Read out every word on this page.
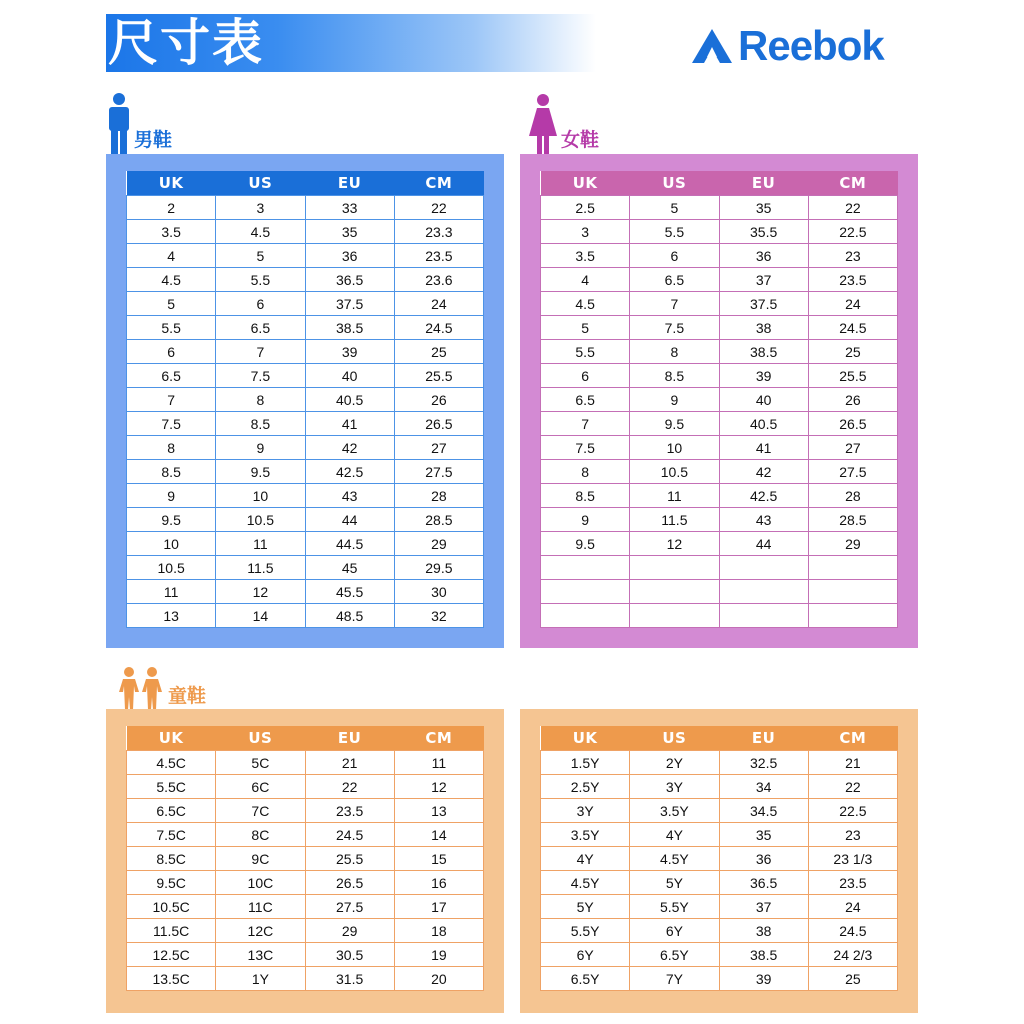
尺寸表	Reebok
男鞋
UK	US	EU	CM
2	3	33	22
3.5	4.5	35	23.3
4	5	36	23.5
4.5	5.5	36.5	23.6
5	6	37.5	24
5.5	6.5	38.5	24.5
6	7	39	25
6.5	7.5	40	25.5
7	8	40.5	26
7.5	8.5	41	26.5
8	9	42	27
8.5	9.5	42.5	27.5
9	10	43	28
9.5	10.5	44	28.5
10	11	44.5	29
10.5	11.5	45	29.5
11	12	45.5	30
13	14	48.5	32
女鞋
UK	US	EU	CM
2.5	5	35	22
3	5.5	35.5	22.5
3.5	6	36	23
4	6.5	37	23.5
4.5	7	37.5	24
5	7.5	38	24.5
5.5	8	38.5	25
6	8.5	39	25.5
6.5	9	40	26
7	9.5	40.5	26.5
7.5	10	41	27
8	10.5	42	27.5
8.5	11	42.5	28
9	11.5	43	28.5
9.5	12	44	29

童鞋
UK	US	EU	CM
4.5C	5C	21	11
5.5C	6C	22	12
6.5C	7C	23.5	13
7.5C	8C	24.5	14
8.5C	9C	25.5	15
9.5C	10C	26.5	16
10.5C	11C	27.5	17
11.5C	12C	29	18
12.5C	13C	30.5	19
13.5C	1Y	31.5	20
UK	US	EU	CM
1.5Y	2Y	32.5	21
2.5Y	3Y	34	22
3Y	3.5Y	34.5	22.5
3.5Y	4Y	35	23
4Y	4.5Y	36	23 1/3
4.5Y	5Y	36.5	23.5
5Y	5.5Y	37	24
5.5Y	6Y	38	24.5
6Y	6.5Y	38.5	24 2/3
6.5Y	7Y	39	25
